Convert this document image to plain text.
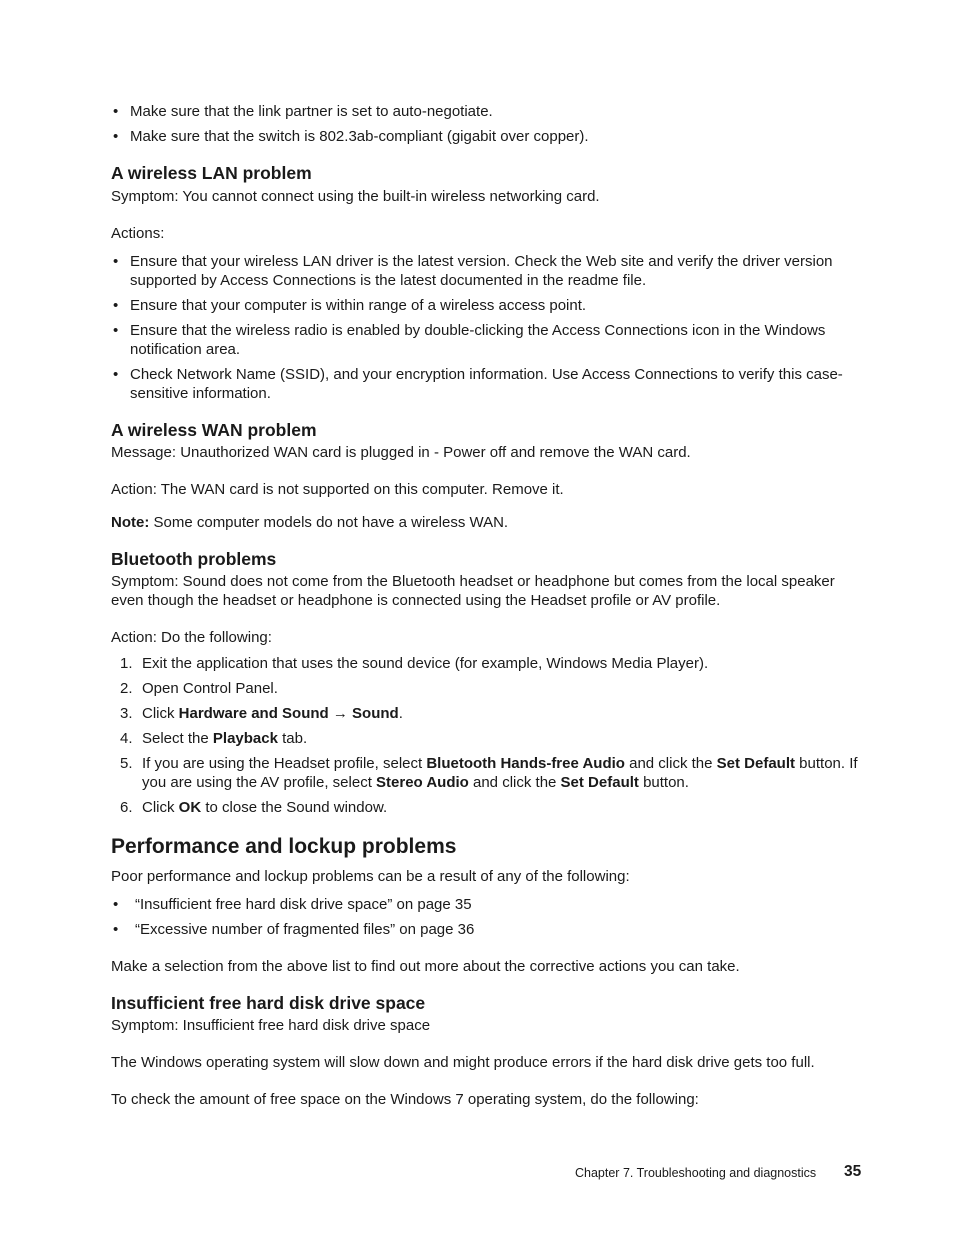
• Make sure that the link partner is set to auto-negotiate.
• Make sure that the switch is 802.3ab-compliant (gigabit over copper).
A wireless LAN problem

Symptom: You cannot connect using the built-in wireless networking card.

Actions:

• Ensure that your wireless LAN driver is the latest version. Check the Web site and verify the driver version supported by Access Connections is the latest documented in the readme file.
• Ensure that your computer is within range of a wireless access point.
• Ensure that the wireless radio is enabled by double-clicking the Access Connections icon in the Windows notification area.
• Check Network Name (SSID), and your encryption information. Use Access Connections to verify this case-sensitive information.
A wireless WAN problem

Message: Unauthorized WAN card is plugged in - Power off and remove the WAN card.

Action: The WAN card is not supported on this computer. Remove it.

Note: Some computer models do not have a wireless WAN.

Bluetooth problems

Symptom: Sound does not come from the Bluetooth headset or headphone but comes from the local speaker even though the headset or headphone is connected using the Headset profile or AV profile.

Action: Do the following:

1. Exit the application that uses the sound device (for example, Windows Media Player).
2. Open Control Panel.
3. Click Hardware and Sound → Sound.
4. Select the Playback tab.
5. If you are using the Headset profile, select Bluetooth Hands-free Audio and click the Set Default button. If you are using the AV profile, select Stereo Audio and click the Set Default button.
6. Click OK to close the Sound window.
Performance and lockup problems

Poor performance and lockup problems can be a result of any of the following:

• “Insufficient free hard disk drive space” on page 35
• “Excessive number of fragmented files” on page 36

Make a selection from the above list to find out more about the corrective actions you can take.

Insufficient free hard disk drive space

Symptom: Insufficient free hard disk drive space

The Windows operating system will slow down and might produce errors if the hard disk drive gets too full.

To check the amount of free space on the Windows 7 operating system, do the following:

Chapter 7. Troubleshooting and diagnostics 35
